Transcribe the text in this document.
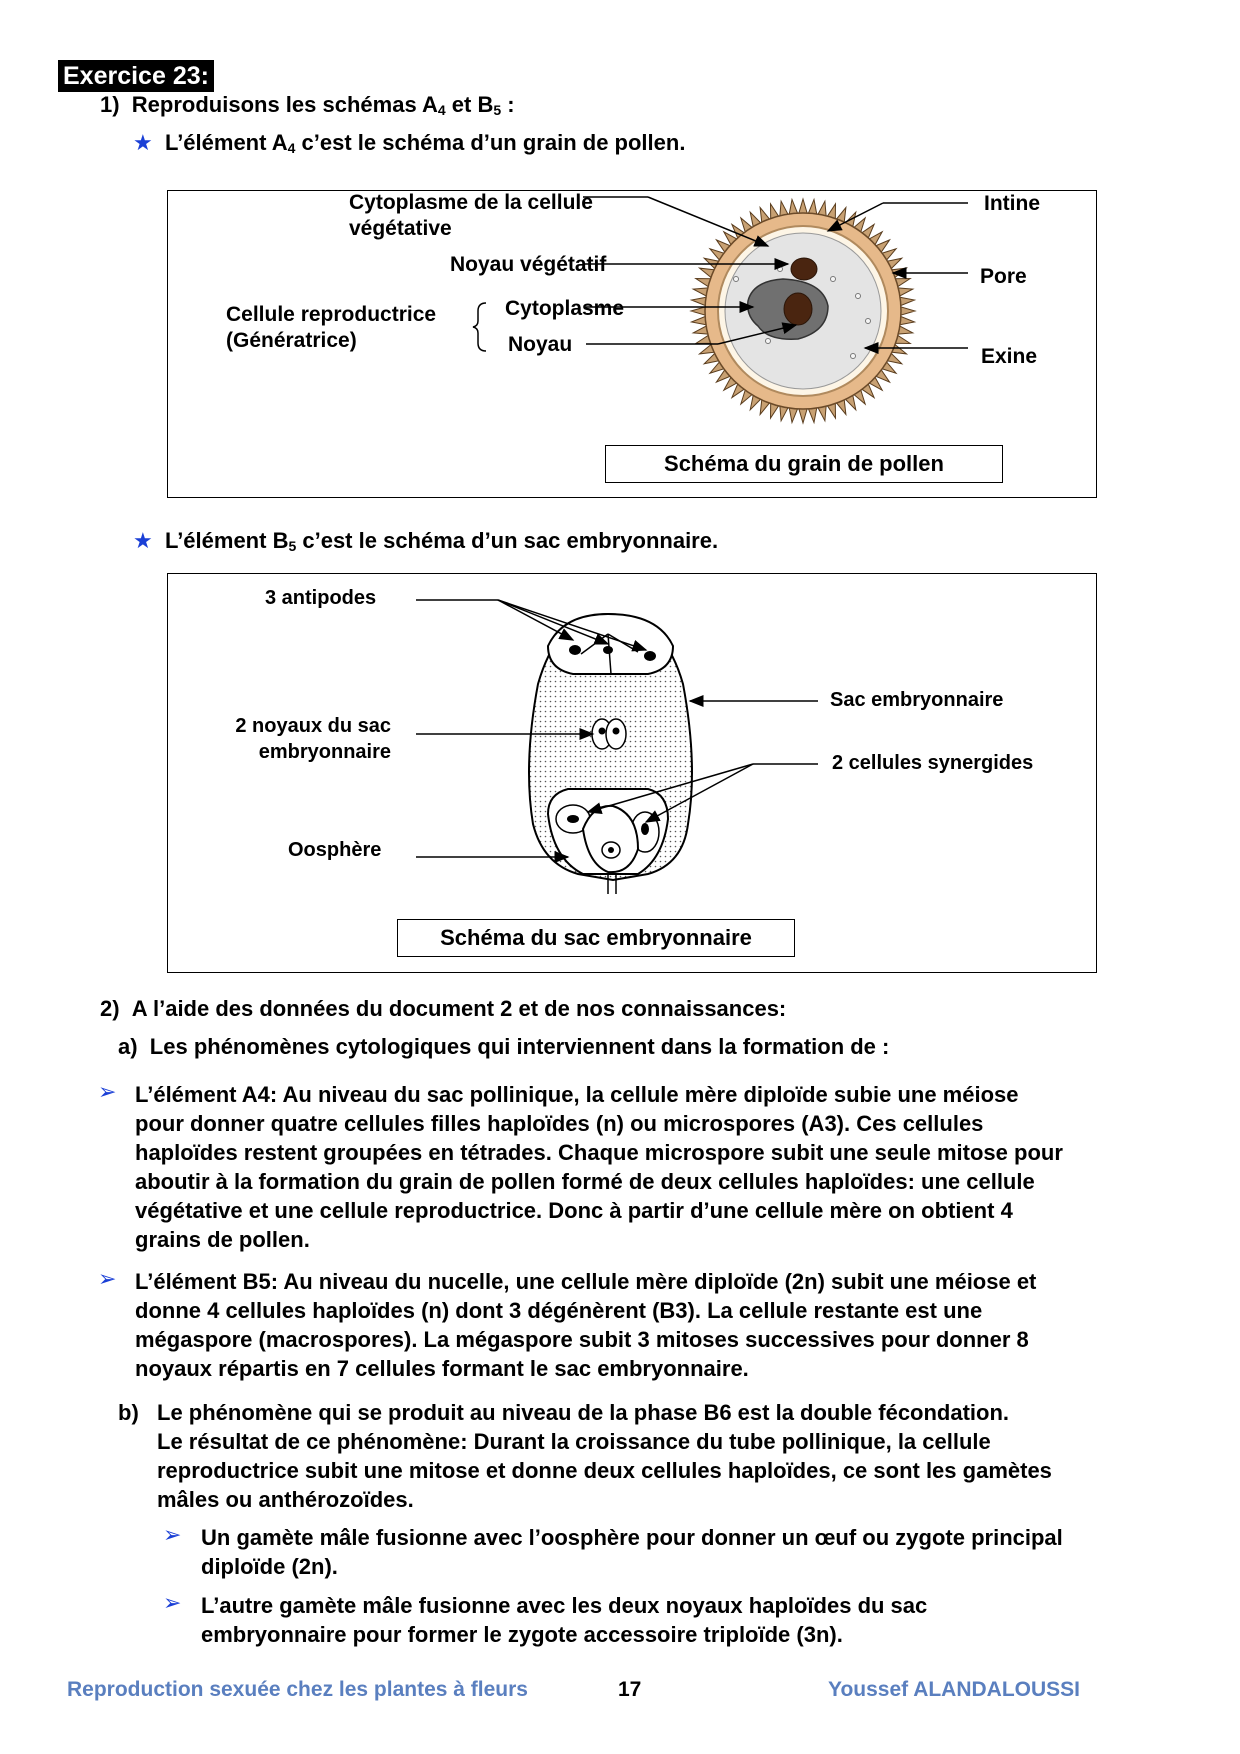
Exercice 23:
1) Reproduisons les schémas $A_4$ et $B_5$ :
★ L’élément $A_4$ c’est le schéma d’un grain de pollen.
Cytoplasme de la cellule
végétative
Noyau végétatif
Cellule reproductrice
(Génératrice)
Cytoplasme
Noyau
Intine
Pore
Exine
Schéma du grain de pollen
★ L’élément $B_5$ c’est le schéma d’un sac embryonnaire.
3 antipodes
2 noyaux du sac
embryonnaire
Oosphère
Sac embryonnaire
2 cellules synergides
Schéma du sac embryonnaire
2) A l’aide des données du document 2 et de nos connaissances:
a) Les phénomènes cytologiques qui interviennent dans la formation de :
➢ L’élément A4: Au niveau du sac pollinique, la cellule mère diploïde subie une méiose
pour donner quatre cellules filles haploïdes (n) ou microspores (A3). Ces cellules
haploïdes restent groupées en tétrades. Chaque microspore subit une seule mitose pour
aboutir à la formation du grain de pollen formé de deux cellules haploïdes: une cellule
végétative et une cellule reproductrice. Donc à partir d’une cellule mère on obtient 4
grains de pollen.
➢ L’élément B5: Au niveau du nucelle, une cellule mère diploïde (2n) subit une méiose et
donne 4 cellules haploïdes (n) dont 3 dégénèrent (B3). La cellule restante est une
mégaspore (macrospores). La mégaspore subit 3 mitoses successives pour donner 8
noyaux répartis en 7 cellules formant le sac embryonnaire.
b) Le phénomène qui se produit au niveau de la phase B6 est la double fécondation.
Le résultat de ce phénomène: Durant la croissance du tube pollinique, la cellule
reproductrice subit une mitose et donne deux cellules haploïdes, ce sont les gamètes
mâles ou anthérozoïdes.
➢ Un gamète mâle fusionne avec l’oosphère pour donner un œuf ou zygote principal
diploïde (2n).
➢ L’autre gamète mâle fusionne avec les deux noyaux haploïdes du sac
embryonnaire pour former le zygote accessoire triploïde (3n).
Reproduction sexuée chez les plantes à fleurs	17	Youssef ALANDALOUSSI
